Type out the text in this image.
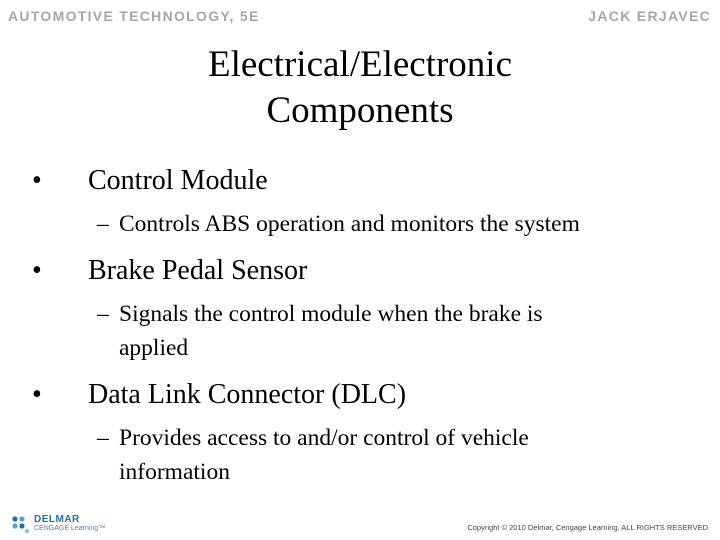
AUTOMOTIVE TECHNOLOGY, 5E	JACK ERJAVEC
Electrical/Electronic
Components
• Control Module
– Controls ABS operation and monitors the system
• Brake Pedal Sensor
– Signals the control module when the brake is
applied
• Data Link Connector (DLC)
– Provides access to and/or control of vehicle
information
DELMAR
CENGAGE Learning™	Copyright © 2010 Delmar, Cengage Learning. ALL RIGHTS RESERVED
